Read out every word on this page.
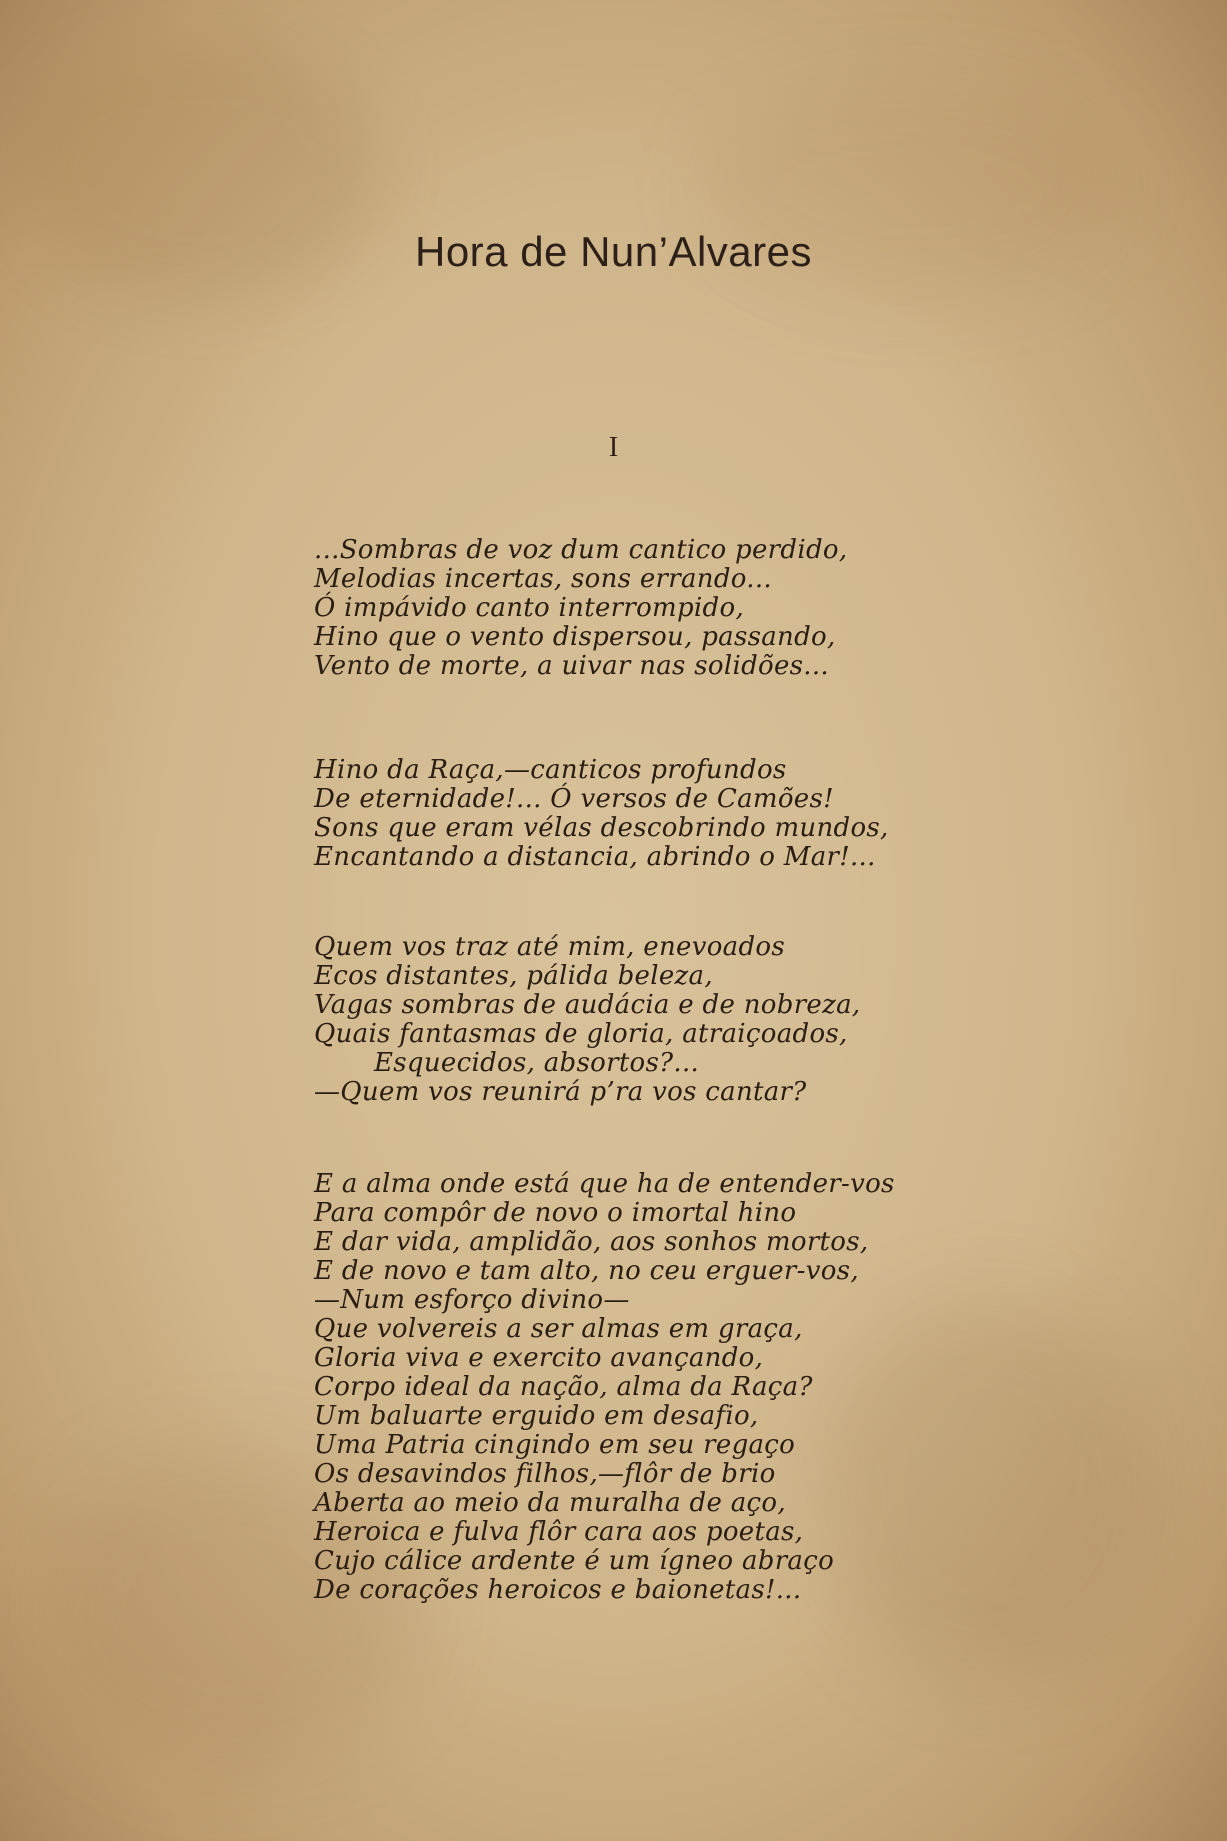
Hora de Nun’Alvares
I
...Sombras de voz dum cantico perdido,
Melodias incertas, sons errando...
Ó impávido canto interrompido,
Hino que o vento dispersou, passando,
Vento de morte, a uivar nas solidões...
Hino da Raça,—canticos profundos
De eternidade!... Ó versos de Camões!
Sons que eram vélas descobrindo mundos,
Encantando a distancia, abrindo o Mar!...
Quem vos traz até mim, enevoados
Ecos distantes, pálida beleza,
Vagas sombras de audácia e de nobreza,
Quais fantasmas de gloria, atraiçoados,
Esquecidos, absortos?...
—Quem vos reunirá p’ra vos cantar?
E a alma onde está que ha de entender-vos
Para compôr de novo o imortal hino
E dar vida, amplidão, aos sonhos mortos,
E de novo e tam alto, no ceu erguer-vos,
—Num esforço divino—
Que volvereis a ser almas em graça,
Gloria viva e exercito avançando,
Corpo ideal da nação, alma da Raça?
Um baluarte erguido em desafio,
Uma Patria cingindo em seu regaço
Os desavindos filhos,—flôr de brio
Aberta ao meio da muralha de aço,
Heroica e fulva flôr cara aos poetas,
Cujo cálice ardente é um ígneo abraço
De corações heroicos e baionetas!...
